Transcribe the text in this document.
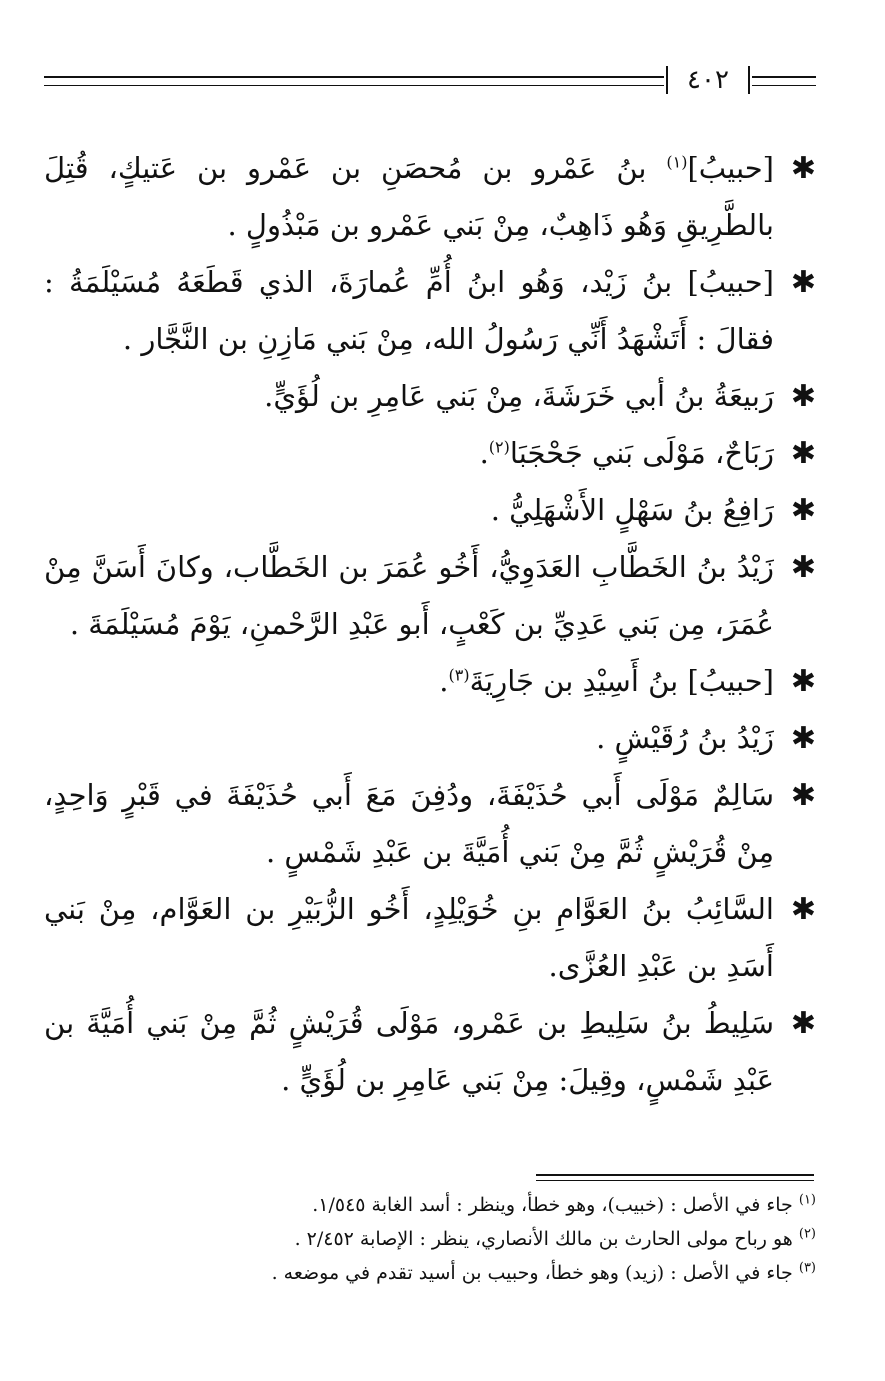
٤٠٢

✱
[حبيبُ]$^{(١)}$ بنُ عَمْرو بن مُحصَنِ بن عَمْرو بن عَتيكٍ، قُتِلَ بالطَّرِيقِ وَهُو ذَاهِبٌ، مِنْ بَني عَمْرو بن مَبْذُولٍ .

✱
[حبيبُ] بنُ زَيْد، وَهُو ابنُ أُمِّ عُمارَةَ، الذي قَطَعَهُ مُسَيْلَمَةُ : فقالَ : أَتَشْهَدُ أَنِّي رَسُولُ الله، مِنْ بَني مَازِنِ بن النَّجَّار .

✱
رَبيعَةُ بنُ أبي خَرَشَةَ، مِنْ بَني عَامِرِ بن لُؤَيٍّ.

✱
رَبَاحٌ، مَوْلَى بَني جَحْجَبَا$^{(٢)}$.

✱
رَافِعُ بنُ سَهْلٍ الأَشْهَلِيُّ .

✱
زَيْدُ بنُ الخَطَّابِ العَدَوِيُّ، أَخُو عُمَرَ بن الخَطَّاب، وكانَ أَسَنَّ مِنْ عُمَرَ، مِن بَني عَدِيِّ بن كَعْبٍ، أَبو عَبْدِ الرَّحْمنِ، يَوْمَ مُسَيْلَمَةَ .

✱
[حبيبُ] بنُ أَسِيْدِ بن جَارِيَةَ$^{(٣)}$.

✱
زَيْدُ بنُ رُقَيْشٍ .

✱
سَالِمٌ مَوْلَى أَبي حُذَيْفَةَ، ودُفِنَ مَعَ أَبي حُذَيْفَةَ في قَبْرٍ وَاحِدٍ، مِنْ قُرَيْشٍ ثُمَّ مِنْ بَني أُمَيَّةَ بن عَبْدِ شَمْسٍ .

✱
السَّائِبُ بنُ العَوَّامِ بنِ خُوَيْلِدٍ، أَخُو الزُّبَيْرِ بن العَوَّام، مِنْ بَني أَسَدِ بن عَبْدِ العُزَّى.

✱
سَلِيطُ بنُ سَلِيطِ بن عَمْرو، مَوْلَى قُرَيْشٍ ثُمَّ مِنْ بَني أُمَيَّةَ بن عَبْدِ شَمْسٍ، وقِيلَ: مِنْ بَني عَامِرِ بن لُؤَيٍّ .

$^{(١)}$ جاء في الأصل : (خبيب)، وهو خطأ، وينظر : أسد الغابة ١/٥٤٥.

$^{(٢)}$ هو رباح مولى الحارث بن مالك الأنصاري، ينظر : الإصابة ٢/٤٥٢ .

$^{(٣)}$ جاء في الأصل : (زيد) وهو خطأ، وحبيب بن أسيد تقدم في موضعه .
